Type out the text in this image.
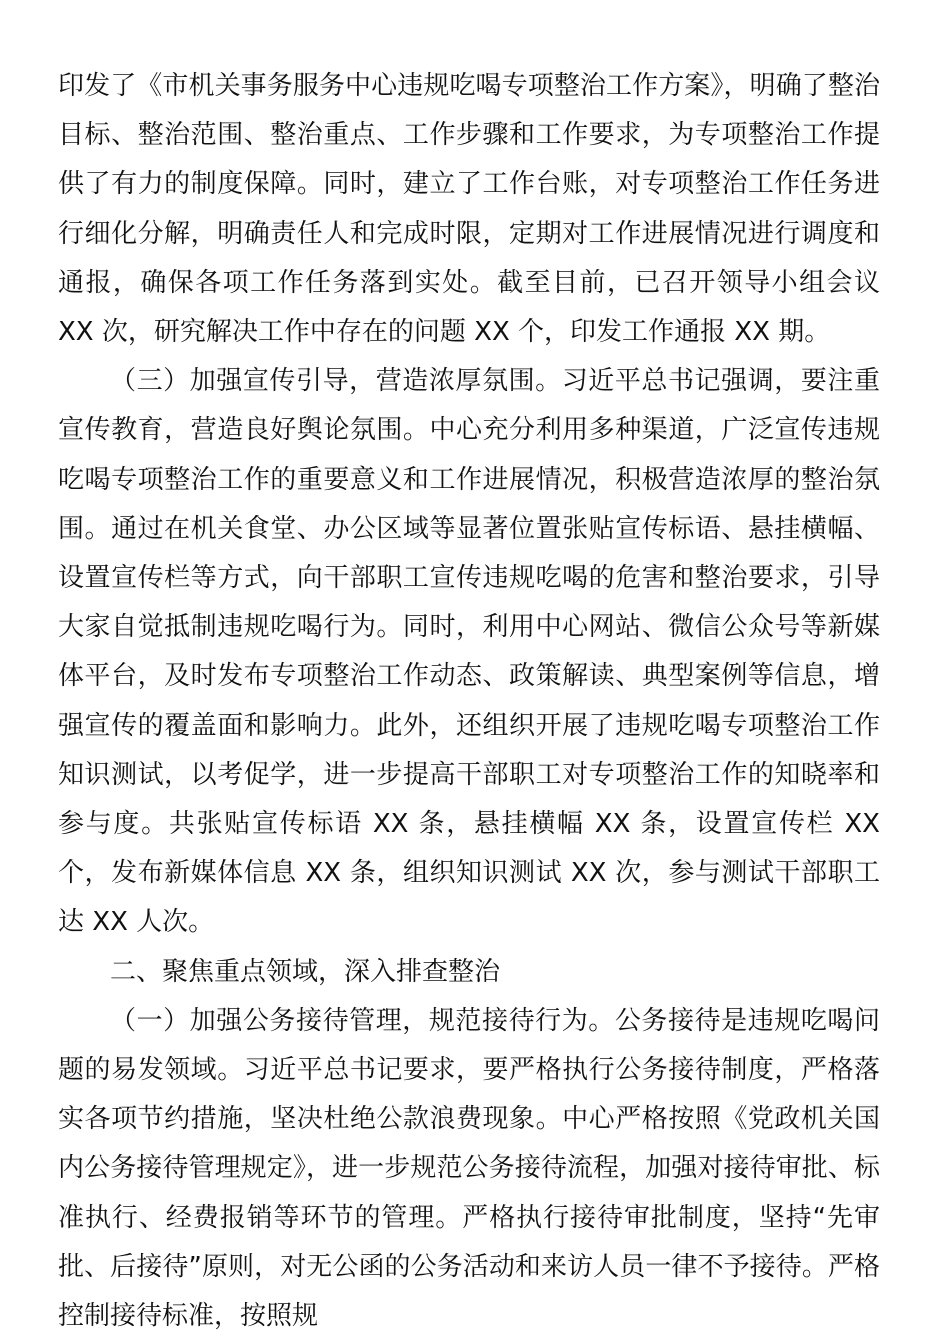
印发了《市机关事务服务中心违规吃喝专项整治工作方案》，明确了整治目标、整治范围、整治重点、工作步骤和工作要求，为专项整治工作提供了有力的制度保障。同时，建立了工作台账，对专项整治工作任务进行细化分解，明确责任人和完成时限，定期对工作进展情况进行调度和通报，确保各项工作任务落到实处。截至目前，已召开领导小组会议 XX 次，研究解决工作中存在的问题 XX 个，印发工作通报 XX 期。

（三）加强宣传引导，营造浓厚氛围。习近平总书记强调，要注重宣传教育，营造良好舆论氛围。中心充分利用多种渠道，广泛宣传违规吃喝专项整治工作的重要意义和工作进展情况，积极营造浓厚的整治氛围。通过在机关食堂、办公区域等显著位置张贴宣传标语、悬挂横幅、设置宣传栏等方式，向干部职工宣传违规吃喝的危害和整治要求，引导大家自觉抵制违规吃喝行为。同时，利用中心网站、微信公众号等新媒体平台，及时发布专项整治工作动态、政策解读、典型案例等信息，增强宣传的覆盖面和影响力。此外，还组织开展了违规吃喝专项整治工作知识测试，以考促学，进一步提高干部职工对专项整治工作的知晓率和参与度。共张贴宣传标语 XX 条，悬挂横幅 XX 条，设置宣传栏 XX 个，发布新媒体信息 XX 条，组织知识测试 XX 次，参与测试干部职工达 XX 人次。

二、聚焦重点领域，深入排查整治

（一）加强公务接待管理，规范接待行为。公务接待是违规吃喝问题的易发领域。习近平总书记要求，要严格执行公务接待制度，严格落实各项节约措施，坚决杜绝公款浪费现象。中心严格按照《党政机关国内公务接待管理规定》，进一步规范公务接待流程，加强对接待审批、标准执行、经费报销等环节的管理。严格执行接待审批制度，坚持“先审批、后接待”原则，对无公函的公务活动和来访人员一律不予接待。严格控制接待标准，按照规
